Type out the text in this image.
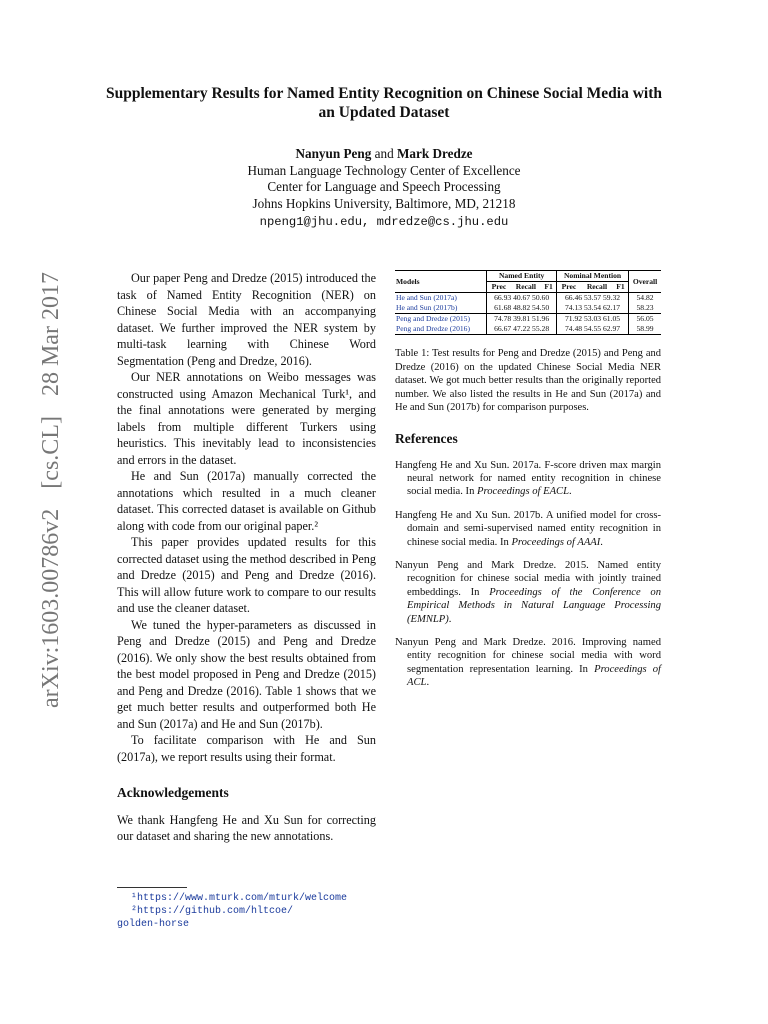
arXiv:1603.00786v2 [cs.CL] 28 Mar 2017
Supplementary Results for Named Entity Recognition on Chinese Social Media with an Updated Dataset
Nanyun Peng and Mark Dredze
Human Language Technology Center of Excellence
Center for Language and Speech Processing
Johns Hopkins University, Baltimore, MD, 21218
npeng1@jhu.edu, mdredze@cs.jhu.edu

Our paper Peng and Dredze (2015) introduced the task of Named Entity Recognition (NER) on Chinese Social Media with an accompanying dataset. We further improved the NER system by multi-task learning with Chinese Word Segmentation (Peng and Dredze, 2016).

Our NER annotations on Weibo messages was constructed using Amazon Mechanical Turk¹, and the final annotations were generated by merging labels from multiple different Turkers using heuristics. This inevitably lead to inconsistencies and errors in the dataset.

He and Sun (2017a) manually corrected the annotations which resulted in a much cleaner dataset. This corrected dataset is available on Github along with code from our original paper.²

This paper provides updated results for this corrected dataset using the method described in Peng and Dredze (2015) and Peng and Dredze (2016). This will allow future work to compare to our results and use the cleaner dataset.

We tuned the hyper-parameters as discussed in Peng and Dredze (2015) and Peng and Dredze (2016). We only show the best results obtained from the best model proposed in Peng and Dredze (2015) and Peng and Dredze (2016). Table 1 shows that we get much better results and outperformed both He and Sun (2017a) and He and Sun (2017b).

To facilitate comparison with He and Sun (2017a), we report results using their format.

Acknowledgements

We thank Hangfeng He and Xu Sun for correcting our dataset and sharing the new annotations.

¹https://www.mturk.com/mturk/welcome
²https://github.com/hltcoe/
golden-horse
Models	Named Entity			Nominal Mention			Overall
	Prec	Recall	F1	Prec	Recall	F1	
He and Sun (2017a)	66.93 40.67 50.60			66.46 53.57 59.32			54.82
He and Sun (2017b)	61.68 48.82 54.50			74.13 53.54 62.17			58.23
Peng and Dredze (2015)	74.78 39.81 51.96			71.92 53.03 61.05			56.05
Peng and Dredze (2016)	66.67 47.22 55.28			74.48 54.55 62.97			58.99
Table 1: Test results for Peng and Dredze (2015) and Peng and Dredze (2016) on the updated Chinese Social Media NER dataset. We got much better results than the originally reported number. We also listed the results in He and Sun (2017a) and He and Sun (2017b) for comparison purposes.
References
Hangfeng He and Xu Sun. 2017a. F-score driven max margin neural network for named entity recognition in chinese social media. In Proceedings of EACL.
Hangfeng He and Xu Sun. 2017b. A unified model for cross-domain and semi-supervised named entity recognition in chinese social media. In Proceedings of AAAI.
Nanyun Peng and Mark Dredze. 2015. Named entity recognition for chinese social media with jointly trained embeddings. In Proceedings of the Conference on Empirical Methods in Natural Language Processing (EMNLP).
Nanyun Peng and Mark Dredze. 2016. Improving named entity recognition for chinese social media with word segmentation representation learning. In Proceedings of ACL.
